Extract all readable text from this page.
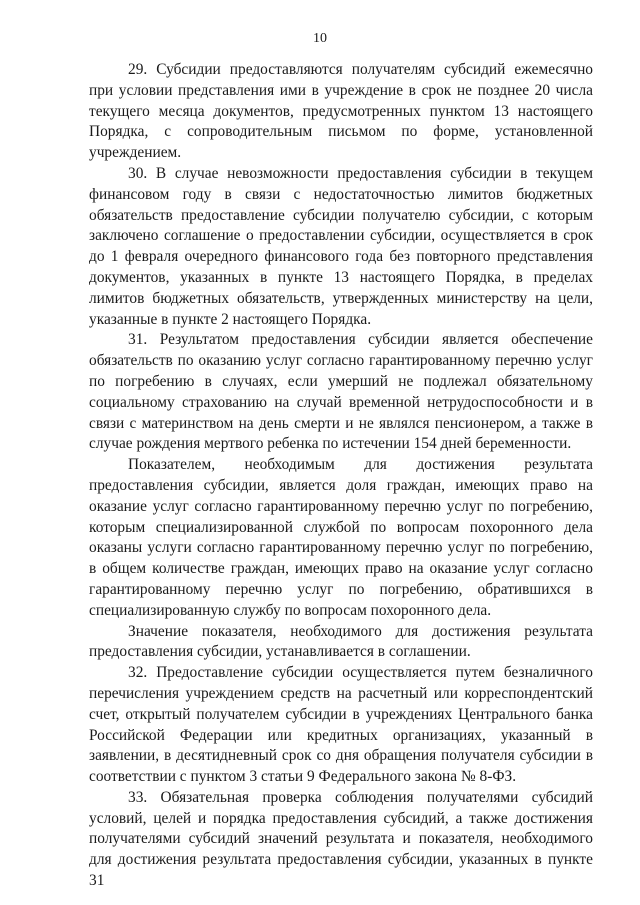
10

29. Субсидии предоставляются получателям субсидий ежемесячно при условии представления ими в учреждение в срок не позднее 20 числа текущего месяца документов, предусмотренных пунктом 13 настоящего Порядка, с сопроводительным письмом по форме, установленной учреждением.

30. В случае невозможности предоставления субсидии в текущем финансовом году в связи с недостаточностью лимитов бюджетных обязательств предоставление субсидии получателю субсидии, с которым заключено соглашение о предоставлении субсидии, осуществляется в срок до 1 февраля очередного финансового года без повторного представления документов, указанных в пункте 13 настоящего Порядка, в пределах лимитов бюджетных обязательств, утвержденных министерству на цели, указанные в пункте 2 настоящего Порядка.

31. Результатом предоставления субсидии является обеспечение обязательств по оказанию услуг согласно гарантированному перечню услуг по погребению в случаях, если умерший не подлежал обязательному социальному страхованию на случай временной нетрудоспособности и в связи с материнством на день смерти и не являлся пенсионером, а также в случае рождения мертвого ребенка по истечении 154 дней беременности.

Показателем, необходимым для достижения результата предоставления субсидии, является доля граждан, имеющих право на оказание услуг согласно гарантированному перечню услуг по погребению, которым специализированной службой по вопросам похоронного дела оказаны услуги согласно гарантированному перечню услуг по погребению, в общем количестве граждан, имеющих право на оказание услуг согласно гарантированному перечню услуг по погребению, обратившихся в специализированную службу по вопросам похоронного дела.

Значение показателя, необходимого для достижения результата предоставления субсидии, устанавливается в соглашении.

32. Предоставление субсидии осуществляется путем безналичного перечисления учреждением средств на расчетный или корреспондентский счет, открытый получателем субсидии в учреждениях Центрального банка Российской Федерации или кредитных организациях, указанный в заявлении, в десятидневный срок со дня обращения получателя субсидии в соответствии с пунктом 3 статьи 9 Федерального закона № 8-ФЗ.

33. Обязательная проверка соблюдения получателями субсидий условий, целей и порядка предоставления субсидий, а также достижения получателями субсидий значений результата и показателя, необходимого для достижения результата предоставления субсидии, указанных в пункте 31
